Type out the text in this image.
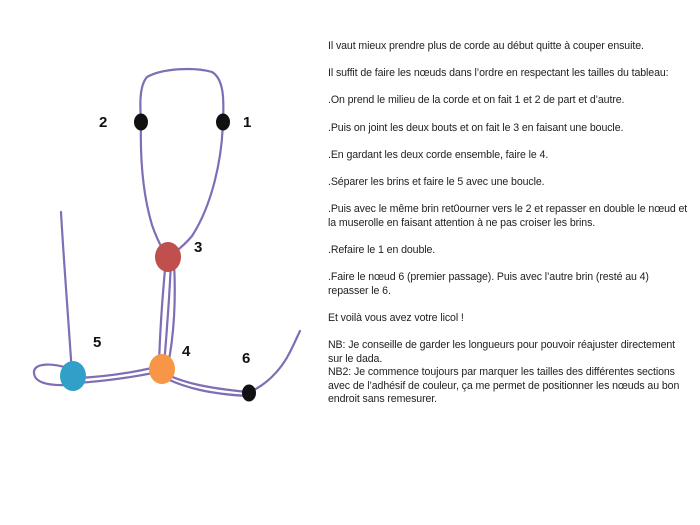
1
2
3
4
5
6

Il vaut mieux prendre plus de corde au début quitte à couper ensuite.

Il suffit de faire les nœuds dans l’ordre en respectant les tailles du tableau:

.On prend le milieu de la corde et on fait 1 et 2 de part et d’autre.

.Puis on joint les deux bouts et on fait le 3 en faisant une boucle.

.En gardant les deux corde ensemble, faire le 4.

.Séparer les brins et faire le 5 avec une boucle.

.Puis avec le même brin ret0ourner vers le 2 et repasser en double le nœud et la muserolle en faisant attention à ne pas croiser les brins.

.Refaire le 1 en double.

.Faire le nœud 6 (premier passage). Puis avec l’autre brin (resté au 4) repasser le 6.

Et voilà vous avez votre licol !

NB: Je conseille de garder les longueurs pour pouvoir réajuster directement sur le dada.

NB2: Je commence toujours par marquer les tailles des différentes sections avec de l’adhésif de couleur, ça me permet de positionner les nœuds au bon endroit sans remesurer.
